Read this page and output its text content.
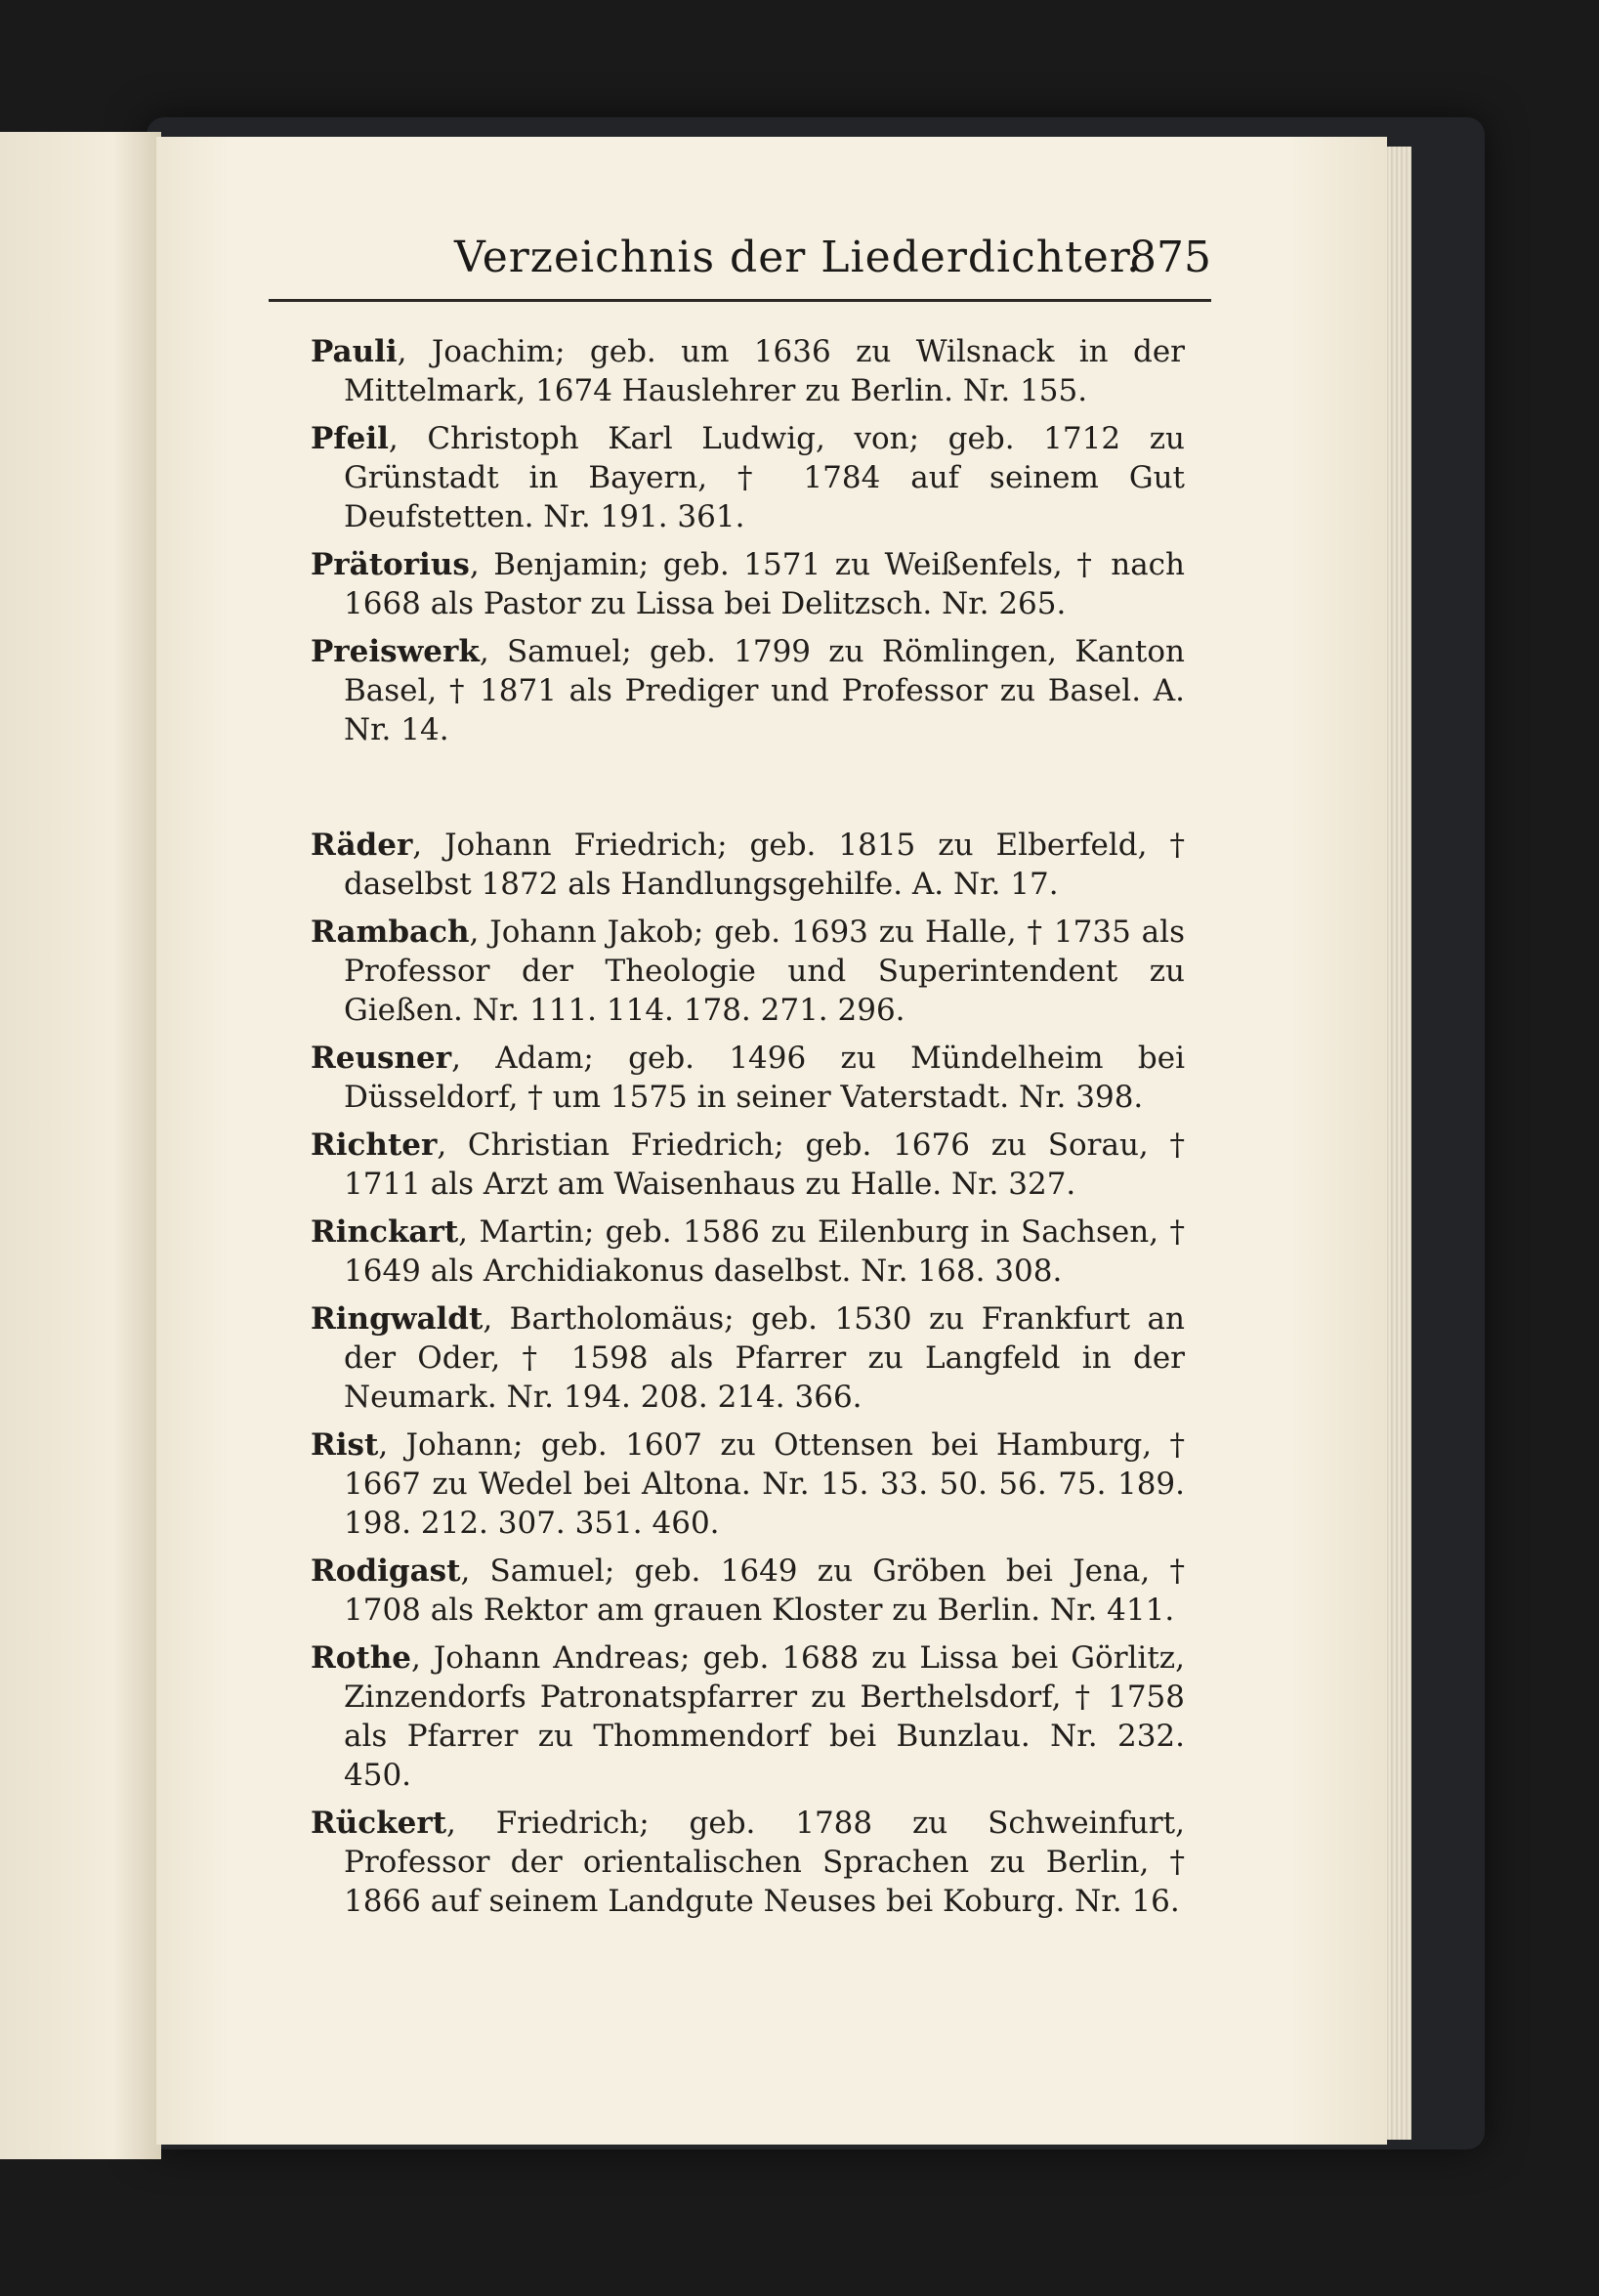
Verzeichnis der Liederdichter.
875

Pauli, Joachim; geb. um 1636 zu Wilsnack in der Mittelmark, 1674 Hauslehrer zu Berlin. Nr. 155.

Pfeil, Christoph Karl Ludwig, von; geb. 1712 zu Grünstadt in Bayern, † 1784 auf seinem Gut Deufstetten. Nr. 191. 361.

Prätorius, Benjamin; geb. 1571 zu Weißenfels, † nach 1668 als Pastor zu Lissa bei Delitzsch. Nr. 265.

Preiswerk, Samuel; geb. 1799 zu Römlingen, Kanton Basel, † 1871 als Prediger und Professor zu Basel. A. Nr. 14.

Räder, Johann Friedrich; geb. 1815 zu Elberfeld, † daselbst 1872 als Handlungsgehilfe. A. Nr. 17.

Rambach, Johann Jakob; geb. 1693 zu Halle, † 1735 als Professor der Theologie und Superintendent zu Gießen. Nr. 111. 114. 178. 271. 296.

Reusner, Adam; geb. 1496 zu Mündelheim bei Düsseldorf, † um 1575 in seiner Vaterstadt. Nr. 398.

Richter, Christian Friedrich; geb. 1676 zu Sorau, † 1711 als Arzt am Waisenhaus zu Halle. Nr. 327.

Rinckart, Martin; geb. 1586 zu Eilenburg in Sachsen, † 1649 als Archidiakonus daselbst. Nr. 168. 308.

Ringwaldt, Bartholomäus; geb. 1530 zu Frankfurt an der Oder, † 1598 als Pfarrer zu Langfeld in der Neumark. Nr. 194. 208. 214. 366.

Rist, Johann; geb. 1607 zu Ottensen bei Hamburg, † 1667 zu Wedel bei Altona. Nr. 15. 33. 50. 56. 75. 189. 198. 212. 307. 351. 460.

Rodigast, Samuel; geb. 1649 zu Gröben bei Jena, † 1708 als Rektor am grauen Kloster zu Berlin. Nr. 411.

Rothe, Johann Andreas; geb. 1688 zu Lissa bei Görlitz, Zinzendorfs Patronatspfarrer zu Berthelsdorf, † 1758 als Pfarrer zu Thommendorf bei Bunzlau. Nr. 232. 450.

Rückert, Friedrich; geb. 1788 zu Schweinfurt, Professor der orientalischen Sprachen zu Berlin, † 1866 auf seinem Landgute Neuses bei Koburg. Nr. 16.
